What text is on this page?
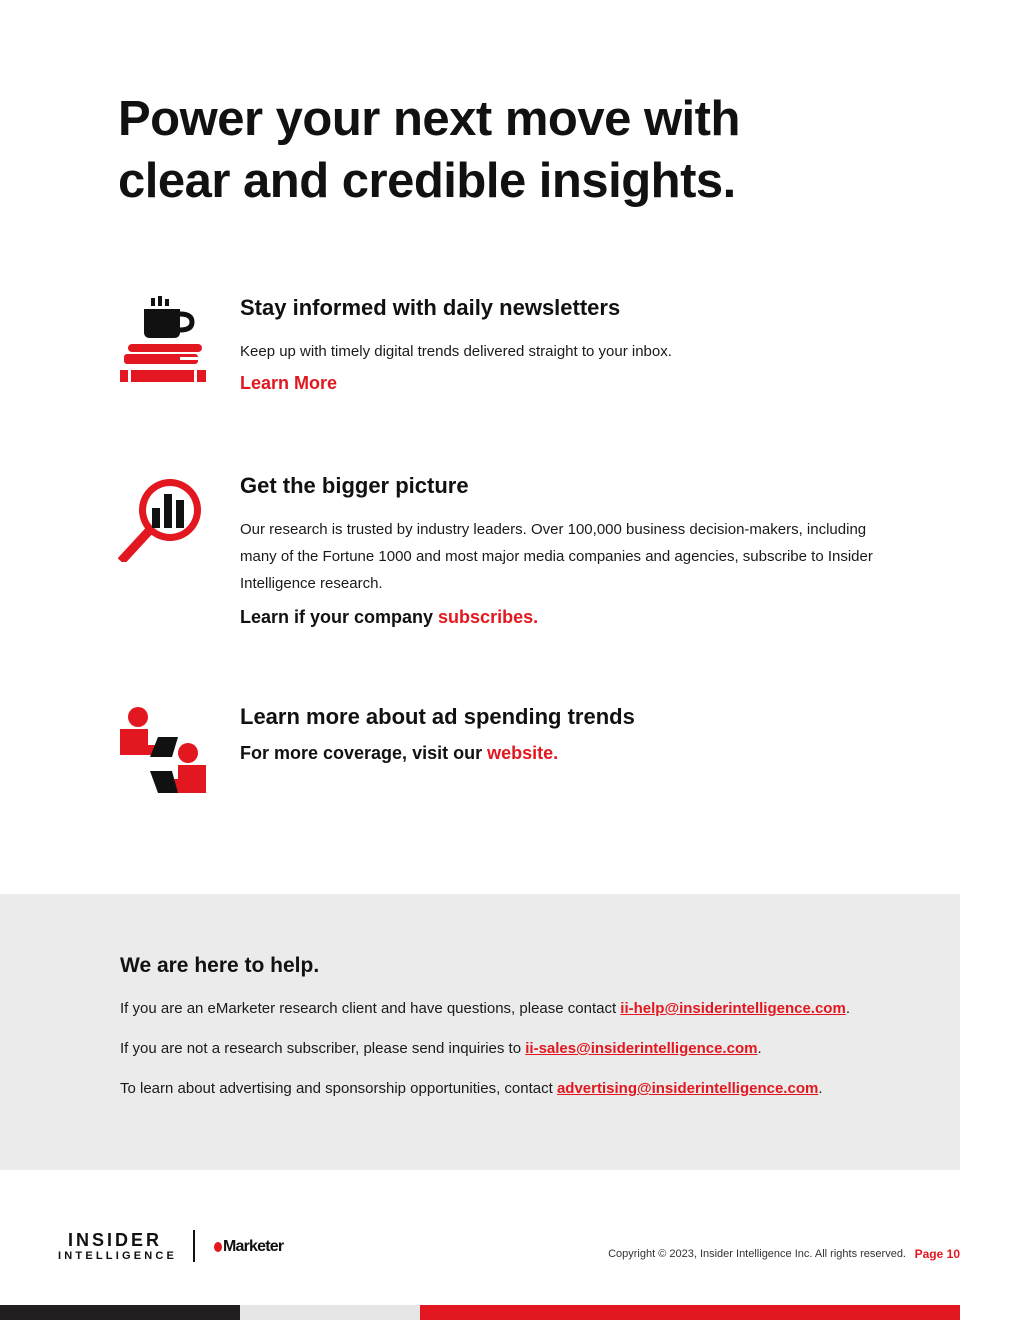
Power your next move with clear and credible insights.
Stay informed with daily newsletters
Keep up with timely digital trends delivered straight to your inbox.
Learn More
Get the bigger picture
Our research is trusted by industry leaders. Over 100,000 business decision-makers, including many of the Fortune 1000 and most major media companies and agencies, subscribe to Insider Intelligence research.
Learn if your company subscribes.
Learn more about ad spending trends
For more coverage, visit our website.
We are here to help.
If you are an eMarketer research client and have questions, please contact ii-help@insiderintelligence.com.
If you are not a research subscriber, please send inquiries to ii-sales@insiderintelligence.com.
To learn about advertising and sponsorship opportunities, contact advertising@insiderintelligence.com.
INSIDER
INTELLIGENCE
Marketer	Copyright © 2023, Insider Intelligence Inc. All rights reserved. Page 10
